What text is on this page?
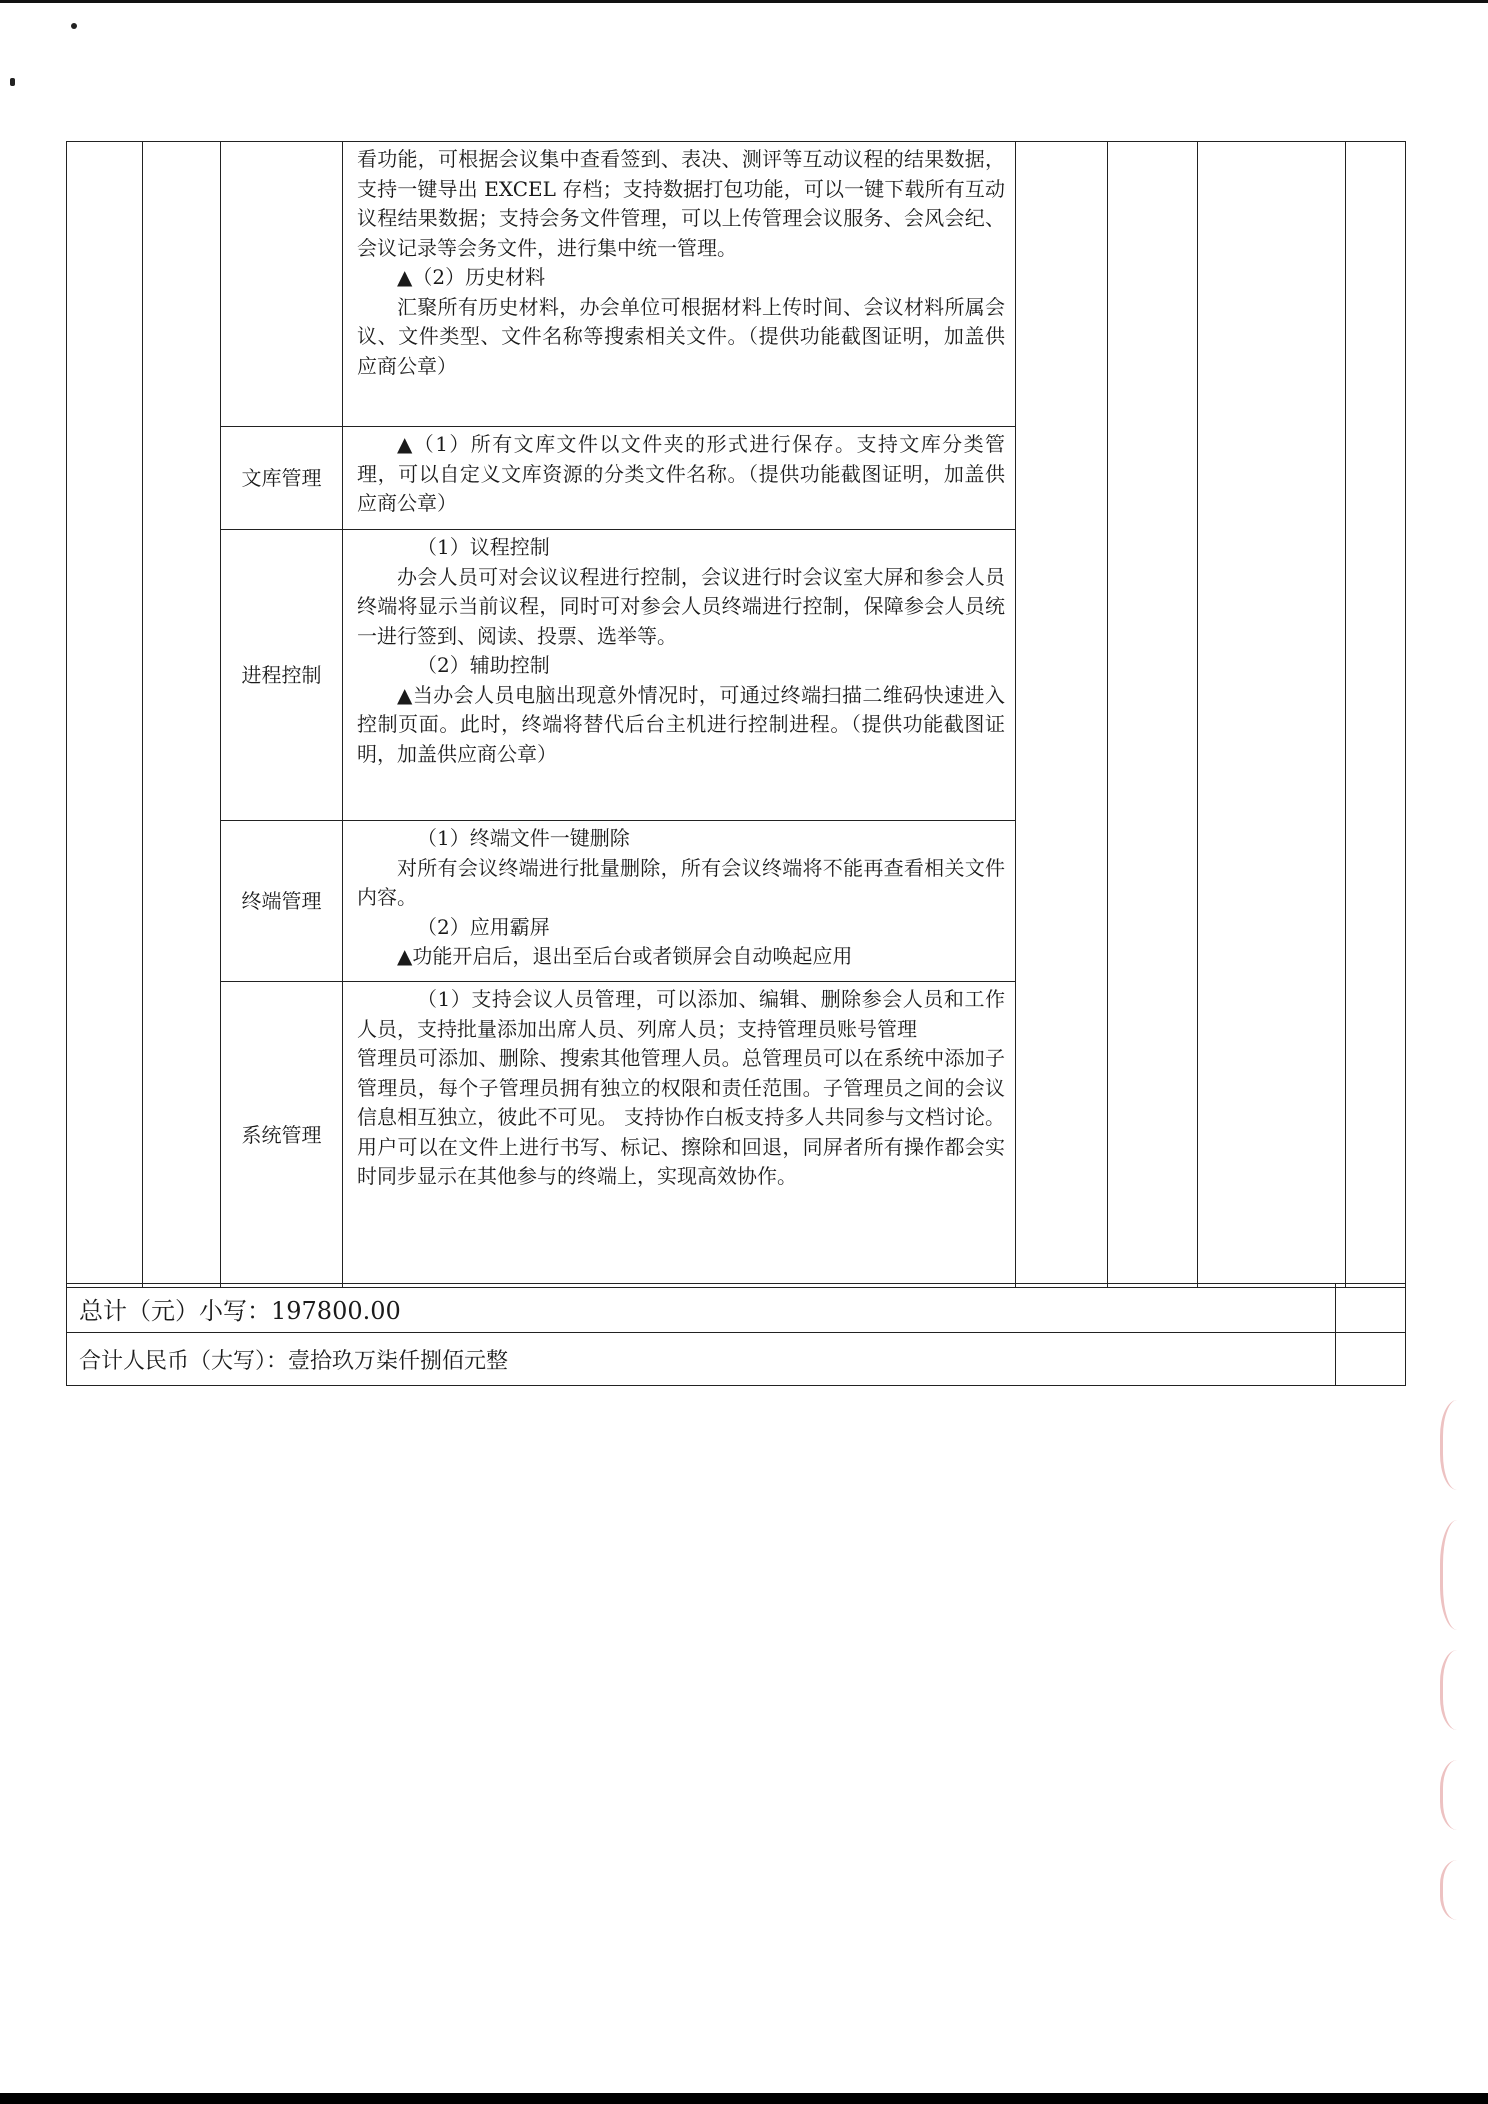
			看功能，可根据会议集中查看签到、表决、测评等互动议程的结果数据，支持一键导出 EXCEL 存档；支持数据打包功能，可以一键下载所有互动议程结果数据；支持会务文件管理，可以上传管理会议服务、会风会纪、会议记录等会务文件，进行集中统一管理。

▲（2）历史材料

汇聚所有历史材料，办会单位可根据材料上传时间、会议材料所属会议、文件类型、文件名称等搜索相关文件。（提供功能截图证明，加盖供应商公章）				

		文库管理	▲（1）所有文库文件以文件夹的形式进行保存。支持文库分类管理，可以自定义文库资源的分类文件名称。（提供功能截图证明，加盖供应商公章）				

		进程控制	（1）议程控制

办会人员可对会议议程进行控制，会议进行时会议室大屏和参会人员终端将显示当前议程，同时可对参会人员终端进行控制，保障参会人员统一进行签到、阅读、投票、选举等。

（2）辅助控制

▲当办会人员电脑出现意外情况时，可通过终端扫描二维码快速进入控制页面。此时，终端将替代后台主机进行控制进程。（提供功能截图证明，加盖供应商公章）				

		终端管理	（1）终端文件一键删除

对所有会议终端进行批量删除，所有会议终端将不能再查看相关文件内容。

（2）应用霸屏

▲功能开启后，退出至后台或者锁屏会自动唤起应用				

		系统管理	（1）支持会议人员管理，可以添加、编辑、删除参会人员和工作人员，支持批量添加出席人员、列席人员；支持管理员账号管理

管理员可添加、删除、搜索其他管理人员。总管理员可以在系统中添加子管理员，每个子管理员拥有独立的权限和责任范围。子管理员之间的会议信息相互独立，彼此不可见。 支持协作白板支持多人共同参与文档讨论。用户可以在文件上进行书写、标记、擦除和回退，同屏者所有操作都会实时同步显示在其他参与的终端上，实现高效协作。				

总计（元）小写：197800.00	
合计人民币（大写）：壹拾玖万柒仟捌佰元整	
